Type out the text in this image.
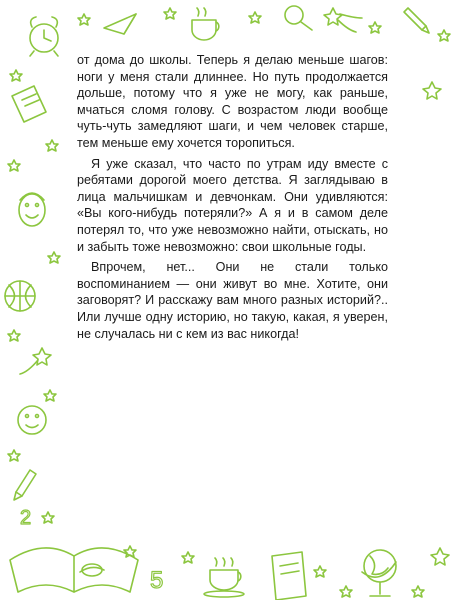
2
5

от дома до школы. Теперь я делаю меньше шагов: ноги у меня стали длиннее. Но путь продолжается дольше, потому что я уже не могу, как раньше, мчаться сломя голову. С возрастом люди вообще чуть-чуть замедляют шаги, и чем человек старше, тем меньше ему хочется торопиться.

Я уже сказал, что часто по утрам иду вместе с ребятами дорогой моего детства. Я заглядываю в лица мальчишкам и девчонкам. Они удивляются: «Вы кого-нибудь потеряли?» А я и в самом деле потерял то, что уже невозможно найти, отыскать, но и забыть тоже невозможно: свои школьные годы.

Впрочем, нет... Они не стали только воспоминанием — они живут во мне. Хотите, они заговорят? И расскажу вам много разных историй?.. Или лучше одну историю, но такую, какая, я уверен, не случалась ни с кем из вас никогда!
